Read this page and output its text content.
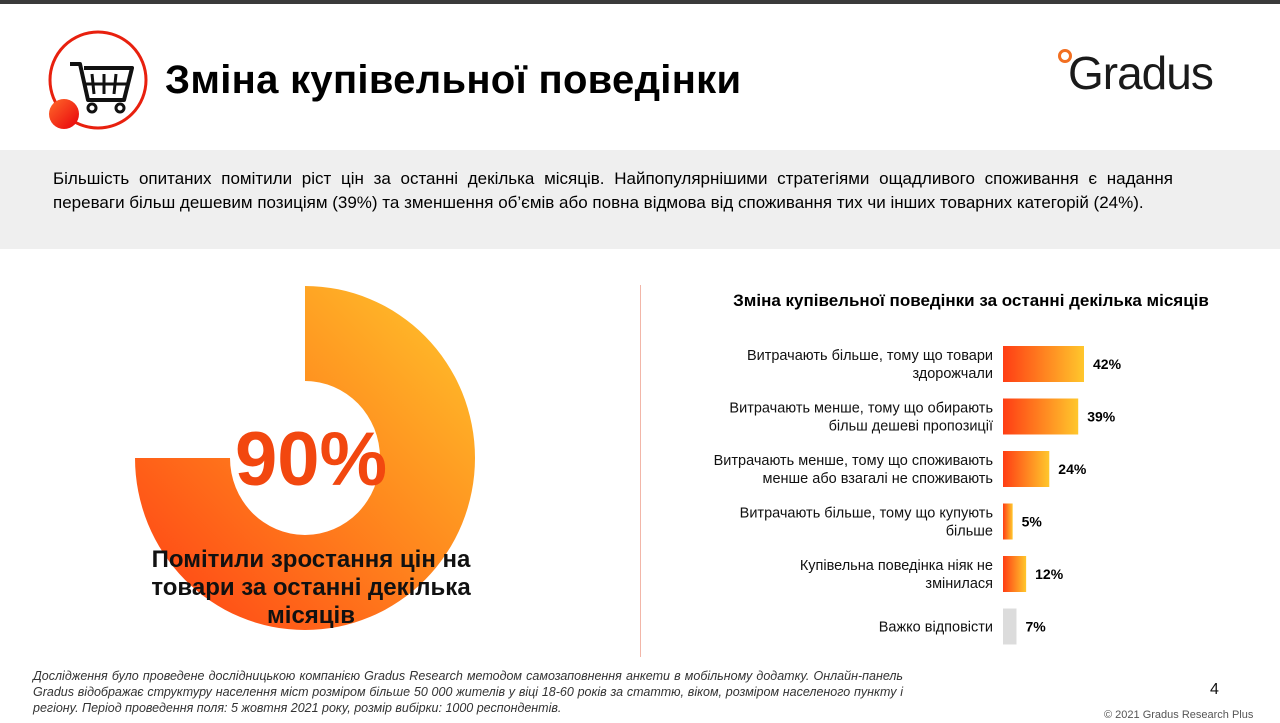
Зміна купівельної поведінки	Gradus
Більшість опитаних помітили ріст цін за останні декілька місяців. Найпопулярнішими стратегіями ощадливого споживання є надання переваги більш дешевим позиціям (39%) та зменшення об’ємів або повна відмова від споживання тих чи інших товарних категорій (24%).
90%
Помітили зростання цін на товари за останні декілька місяців
Зміна купівельної поведінки за останні декілька місяців
42%
Витрачають більше, тому що товари здорожчали
39%
Витрачають менше, тому що обирають більш дешеві пропозиції
24%
Витрачають менше, тому що споживають менше або взагалі не споживають
5%
Витрачають більше, тому що купують більше
12%
Купівельна поведінка ніяк не змінилася
7%
Важко відповісти
Дослідження було проведене дослідницькою компанією Gradus Research методом самозаповнення анкети в мобільному додатку. Онлайн-панель Gradus відображає структуру населення міст розміром більше 50 000 жителів у віці 18-60 років за статтю, віком, розміром населеного пункту і регіону. Період проведення поля: 5 жовтня 2021 року, розмір вибірки: 1000 респондентів.
4
© 2021 Gradus Research Plus
